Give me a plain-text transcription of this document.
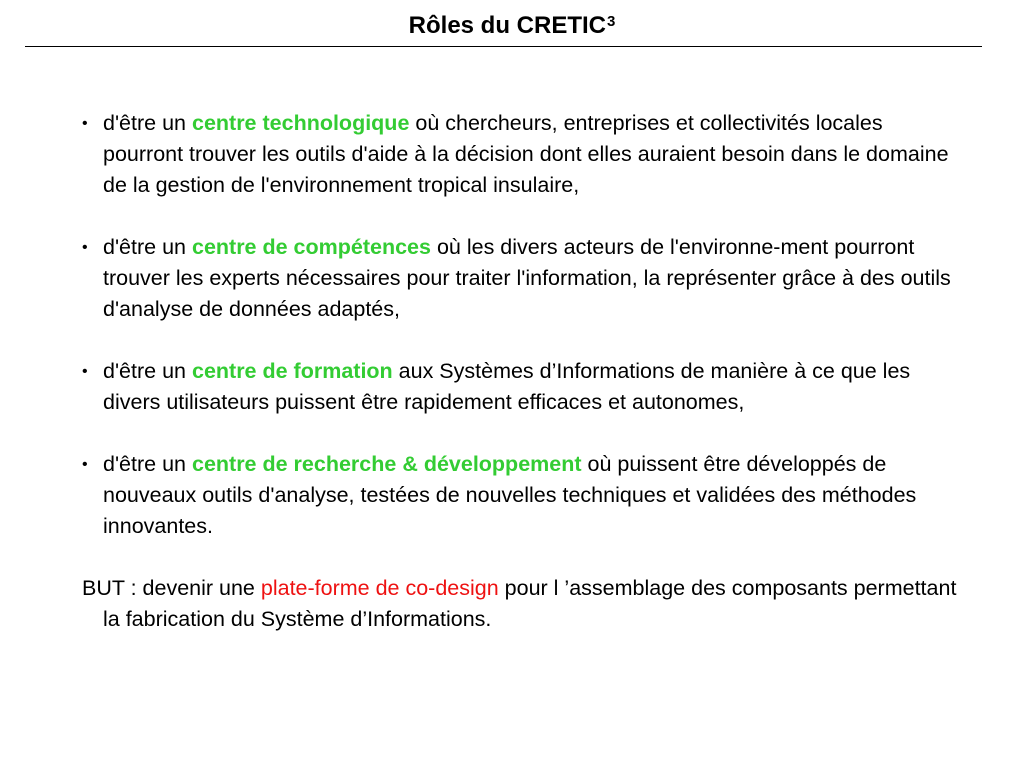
Rôles du CRETIC$^3$
• d'être un centre technologique où chercheurs, entreprises et collectivités locales pourront trouver les outils d'aide à la décision dont elles auraient besoin dans le domaine de la gestion de l'environnement tropical insulaire,
• d'être un centre de compétences où les divers acteurs de l'environne-ment pourront trouver les experts nécessaires pour traiter l'information, la représenter grâce à des outils d'analyse de données adaptés,
• d'être un centre de formation aux Systèmes d’Informations de manière à ce que les divers utilisateurs puissent être rapidement efficaces et autonomes,
• d'être un centre de recherche & développement où puissent être développés de nouveaux outils d'analyse, testées de nouvelles techniques et validées des méthodes innovantes.
BUT : devenir une plate-forme de co-design pour l ’assemblage des composants permettant la fabrication du Système d’Informations.
